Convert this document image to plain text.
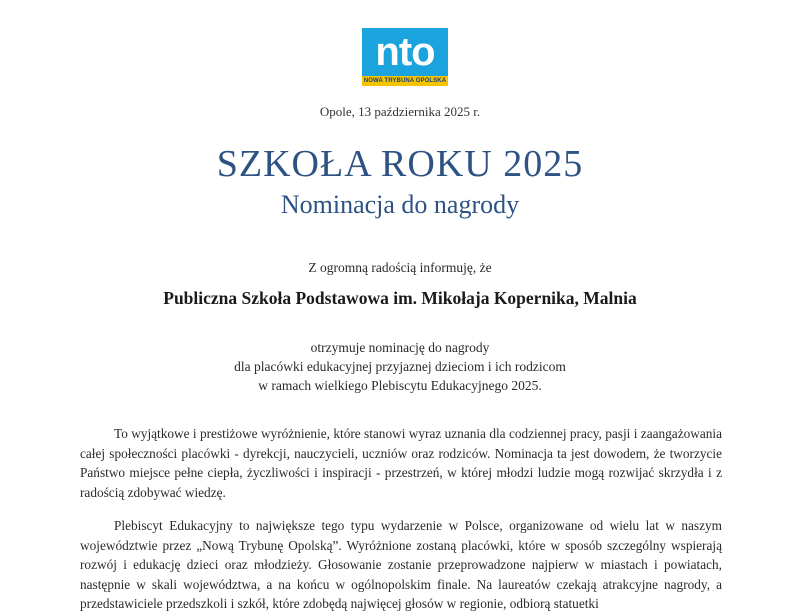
nto
NOWA TRYBUNA OPOLSKA
Opole, 13 października 2025 r.
SZKOŁA ROKU 2025
Nominacja do nagrody
Z ogromną radością informuję, że
Publiczna Szkoła Podstawowa im. Mikołaja Kopernika, Malnia
otrzymuje nominację do nagrody
dla placówki edukacyjnej przyjaznej dzieciom i ich rodzicom
w ramach wielkiego Plebiscytu Edukacyjnego 2025.

To wyjątkowe i prestiżowe wyróżnienie, które stanowi wyraz uznania dla codziennej pracy, pasji i zaangażowania całej społeczności placówki - dyrekcji, nauczycieli, uczniów oraz rodziców. Nominacja ta jest dowodem, że tworzycie Państwo miejsce pełne ciepła, życzliwości i inspiracji - przestrzeń, w której młodzi ludzie mogą rozwijać skrzydła i z radością zdobywać wiedzę.

Plebiscyt Edukacyjny to największe tego typu wydarzenie w Polsce, organizowane od wielu lat w naszym województwie przez „Nową Trybunę Opolską”. Wyróżnione zostaną placówki, które w sposób szczególny wspierają rozwój i edukację dzieci oraz młodzieży. Głosowanie zostanie przeprowadzone najpierw w miastach i powiatach, następnie w skali województwa, a na końcu w ogólnopolskim finale. Na laureatów czekają atrakcyjne nagrody, a przedstawiciele przedszkoli i szkół, które zdobędą najwięcej głosów w regionie, odbiorą statuetki
